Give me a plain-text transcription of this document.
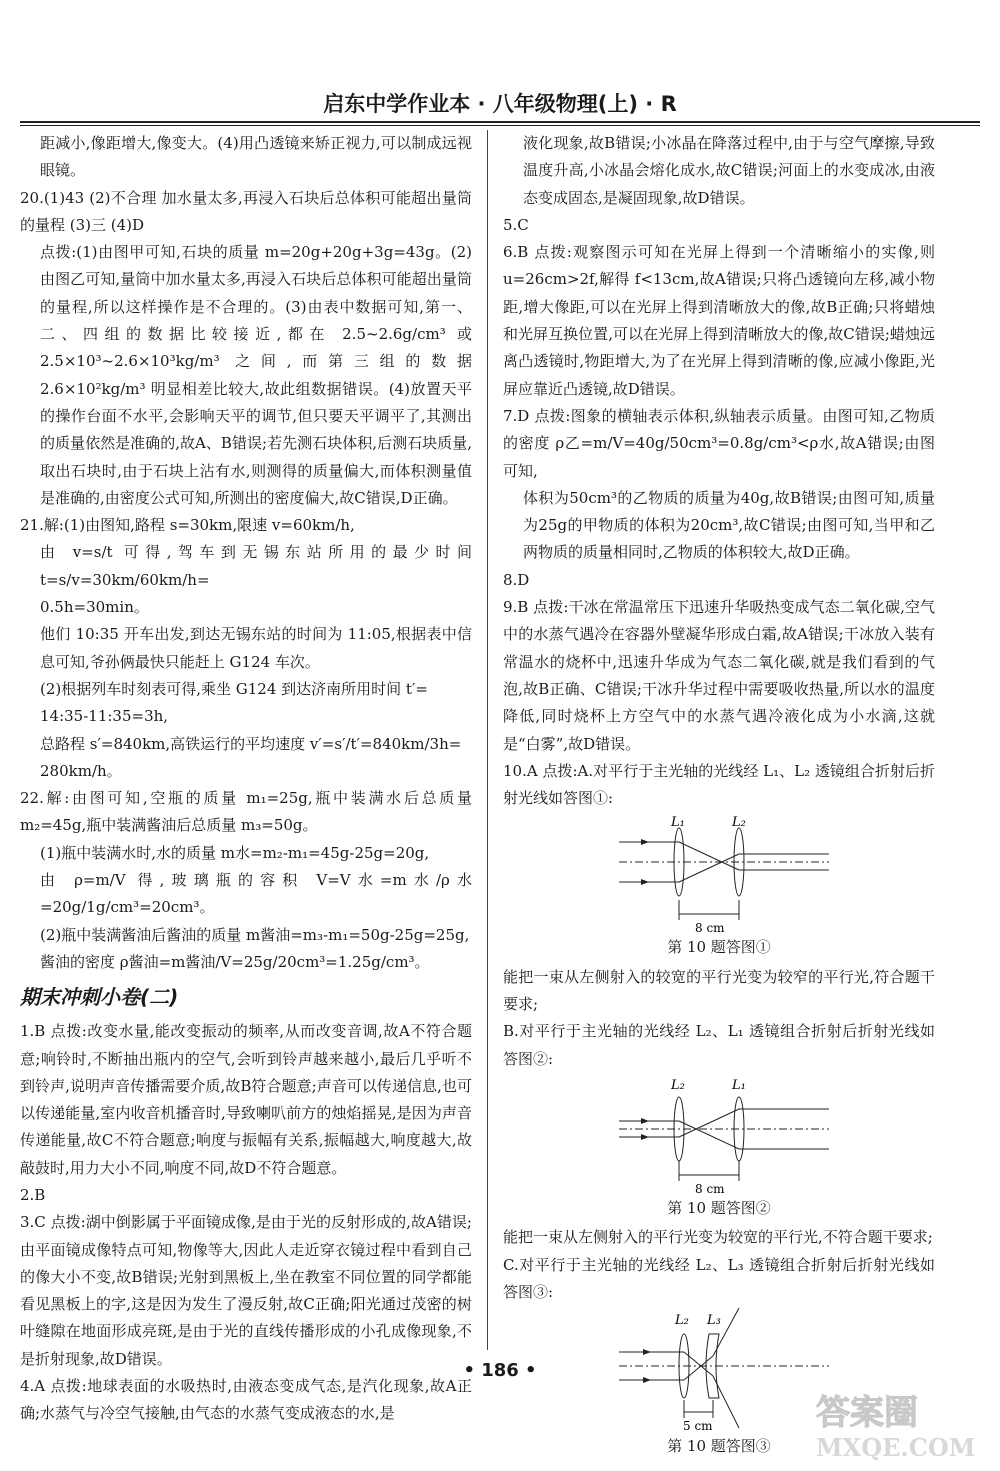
启东中学作业本 · 八年级物理(上) · R

距减小,像距增大,像变大。(4)用凸透镜来矫正视力,可以制成远视眼镜。

20.(1)43 (2)不合理 加水量太多,再浸入石块后总体积可能超出量筒的量程 (3)三 (4)D

点拨:(1)由图甲可知,石块的质量 m=20g+20g+3g=43g。(2)由图乙可知,量筒中加水量太多,再浸入石块后总体积可能超出量筒的量程,所以这样操作是不合理的。(3)由表中数据可知,第一、二、四组的数据比较接近,都在 2.5~2.6g/cm³ 或 2.5×10³~2.6×10³kg/m³ 之间,而第三组的数据 2.6×10²kg/m³ 明显相差比较大,故此组数据错误。(4)放置天平的操作台面不水平,会影响天平的调节,但只要天平调平了,其测出的质量依然是准确的,故A、B错误;若先测石块体积,后测石块质量,取出石块时,由于石块上沾有水,则测得的质量偏大,而体积测量值是准确的,由密度公式可知,所测出的密度偏大,故C错误,D正确。

21.解:(1)由图知,路程 s=30km,限速 v=60km/h,

由 v=s/t 可得,驾车到无锡东站所用的最少时间 t=s/v=30km/60km/h=

0.5h=30min。

他们 10:35 开车出发,到达无锡东站的时间为 11:05,根据表中信息可知,爷孙俩最快只能赶上 G124 车次。

(2)根据列车时刻表可得,乘坐 G124 到达济南所用时间 t′=

14:35-11:35=3h,

总路程 s′=840km,高铁运行的平均速度 v′=s′/t′=840km/3h=

280km/h。

22.解:由图可知,空瓶的质量 m₁=25g,瓶中装满水后总质量 m₂=45g,瓶中装满酱油后总质量 m₃=50g。

(1)瓶中装满水时,水的质量 m水=m₂-m₁=45g-25g=20g,

由 ρ=m/V 得,玻璃瓶的容积 V=V水=m水/ρ水=20g/1g/cm³=20cm³。

(2)瓶中装满酱油后酱油的质量 m酱油=m₃-m₁=50g-25g=25g,

酱油的密度 ρ酱油=m酱油/V=25g/20cm³=1.25g/cm³。

期末冲刺小卷(二)

1.B 点拨:改变水量,能改变振动的频率,从而改变音调,故A不符合题意;响铃时,不断抽出瓶内的空气,会听到铃声越来越小,最后几乎听不到铃声,说明声音传播需要介质,故B符合题意;声音可以传递信息,也可以传递能量,室内收音机播音时,导致喇叭前方的烛焰摇晃,是因为声音传递能量,故C不符合题意;响度与振幅有关系,振幅越大,响度越大,故敲鼓时,用力大小不同,响度不同,故D不符合题意。

2.B

3.C 点拨:湖中倒影属于平面镜成像,是由于光的反射形成的,故A错误;由平面镜成像特点可知,物像等大,因此人走近穿衣镜过程中看到自己的像大小不变,故B错误;光射到黑板上,坐在教室不同位置的同学都能看见黑板上的字,这是因为发生了漫反射,故C正确;阳光通过茂密的树叶缝隙在地面形成亮斑,是由于光的直线传播形成的小孔成像现象,不是折射现象,故D错误。

4.A 点拨:地球表面的水吸热时,由液态变成气态,是汽化现象,故A正确;水蒸气与冷空气接触,由气态的水蒸气变成液态的水,是

液化现象,故B错误;小冰晶在降落过程中,由于与空气摩擦,导致温度升高,小冰晶会熔化成水,故C错误;河面上的水变成冰,由液态变成固态,是凝固现象,故D错误。

5.C

6.B 点拨:观察图示可知在光屏上得到一个清晰缩小的实像,则u=26cm>2f,解得 f<13cm,故A错误;只将凸透镜向左移,减小物距,增大像距,可以在光屏上得到清晰放大的像,故B正确;只将蜡烛和光屏互换位置,可以在光屏上得到清晰放大的像,故C错误;蜡烛远离凸透镜时,物距增大,为了在光屏上得到清晰的像,应减小像距,光屏应靠近凸透镜,故D错误。

7.D 点拨:图象的横轴表示体积,纵轴表示质量。由图可知,乙物质的密度 ρ乙=m/V=40g/50cm³=0.8g/cm³<ρ水,故A错误;由图可知,

体积为50cm³的乙物质的质量为40g,故B错误;由图可知,质量为25g的甲物质的体积为20cm³,故C错误;由图可知,当甲和乙两物质的质量相同时,乙物质的体积较大,故D正确。

8.D

9.B 点拨:干冰在常温常压下迅速升华吸热变成气态二氧化碳,空气中的水蒸气遇冷在容器外壁凝华形成白霜,故A错误;干冰放入装有常温水的烧杯中,迅速升华成为气态二氧化碳,就是我们看到的气泡,故B正确、C错误;干冰升华过程中需要吸收热量,所以水的温度降低,同时烧杯上方空气中的水蒸气遇冷液化成为小水滴,这就是“白雾”,故D错误。

10.A 点拨:A.对平行于主光轴的光线经 L₁、L₂ 透镜组合折射后折射光线如答图①:

L₁	L₂
8 cm
第 10 题答图①

能把一束从左侧射入的较宽的平行光变为较窄的平行光,符合题干要求;

B.对平行于主光轴的光线经 L₂、L₁ 透镜组合折射后折射光线如答图②:

L₂	L₁
8 cm
第 10 题答图②

能把一束从左侧射入的平行光变为较宽的平行光,不符合题干要求;

C.对平行于主光轴的光线经 L₂、L₃ 透镜组合折射后折射光线如答图③:

L₂ L₃
5 cm
第 10 题答图③
• 186 •
答案圈
MXQE.COM
